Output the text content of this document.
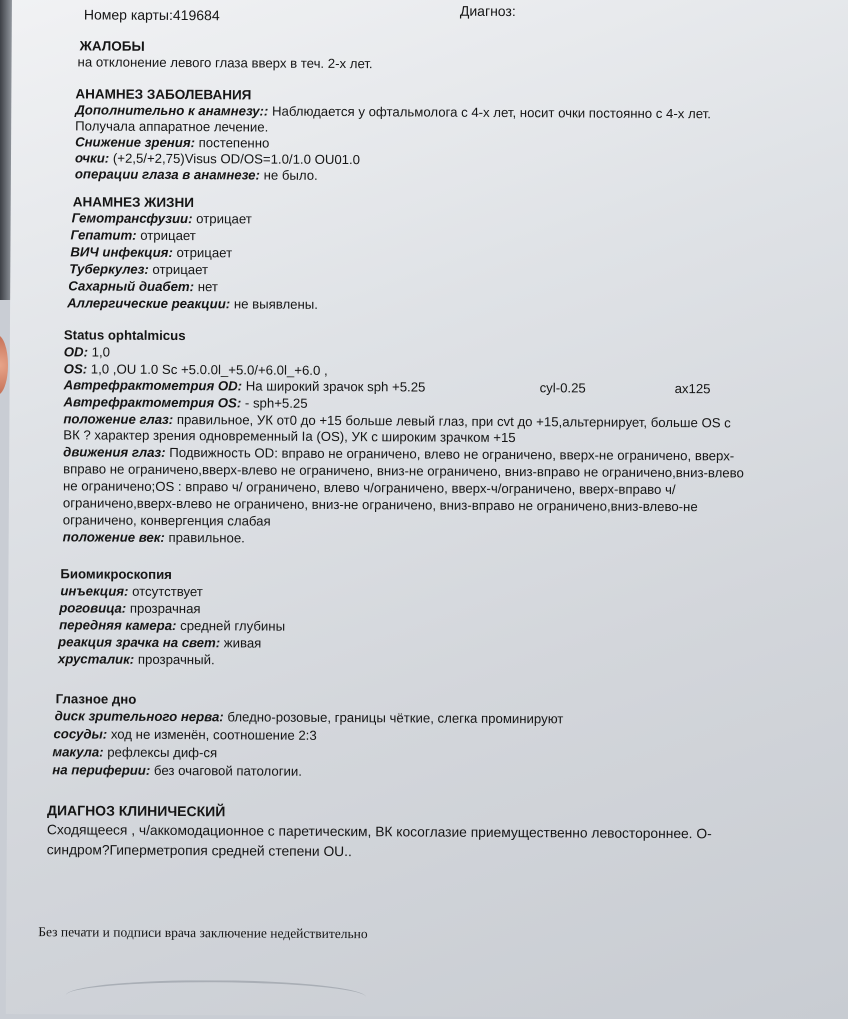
Номер карты:419684	Диагноз:
ЖАЛОБЫ
на отклонение левого глаза вверх в теч. 2-х лет.
АНАМНЕЗ ЗАБОЛЕВАНИЯ
Дополнительно к анамнезу:: Наблюдается у офтальмолога с 4-х лет, носит очки постоянно с 4-х лет.
Получала аппаратное лечение.
Снижение зрения: постепенно
очки: (+2,5/+2,75)Visus OD/OS=1.0/1.0 OU01.0
операции глаза в анамнезе: не было.
АНАМНЕЗ ЖИЗНИ
Гемотрансфузии: отрицает
Гепатит: отрицает
ВИЧ инфекция: отрицает
Туберкулез: отрицает
Сахарный диабет: нет
Аллергические реакции: не выявлены.
Status ophtalmicus
OD: 1,0
OS: 1,0 ,OU 1.0 Sc +5.0.0l_+5.0/+6.0l_+6.0 ,
Автрефрактометрия OD: На широкий зрачок sph +5.25	cyl-0.25	ax125
Автрефрактометрия OS: - sph+5.25
положение глаз: правильное, УК от0 до +15 больше левый глаз, при cvt до +15,альтернирует, больше OS с
ВК ? характер зрения одновременный Ia (OS), УК с широким зрачком +15
движения глаз: Подвижность OD: вправо не ограничено, влево не ограничено, вверх-не ограничено, вверх-
вправо не ограничено,вверх-влево не ограничено, вниз-не ограничено, вниз-вправо не ограничено,вниз-влево
не ограничено;OS : вправо ч/ ограничено, влево ч/ограничено, вверх-ч/ограничено, вверх-вправо ч/
ограничено,вверх-влево не ограничено, вниз-не ограничено, вниз-вправо не ограничено,вниз-влево-не
ограничено, конвергенция слабая
положение век: правильное.
Биомикроскопия
инъекция: отсутствует
роговица: прозрачная
передняя камера: средней глубины
реакция зрачка на свет: живая
хрусталик: прозрачный.
Глазное дно
диск зрительного нерва: бледно-розовые, границы чёткие, слегка проминируют
сосуды: ход не изменён, соотношение 2:3
макула: рефлексы диф-ся
на периферии: без очаговой патологии.
ДИАГНОЗ КЛИНИЧЕСКИЙ
Сходящееся , ч/аккомодационное с паретическим, ВК косоглазие приемущественно левостороннее. О-
синдром?Гиперметропия средней степени OU..
Без печати и подписи врача заключение недействительно
